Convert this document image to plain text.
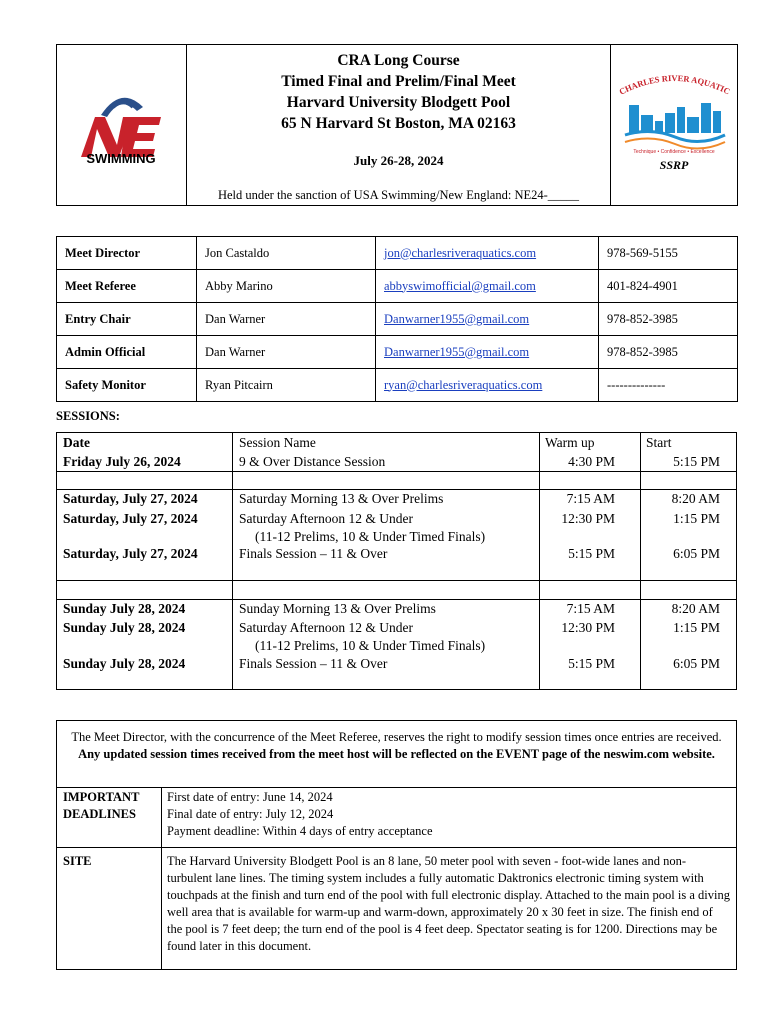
SWIMMING
CRA Long Course
Timed Final and Prelim/Final Meet
Harvard University Blodgett Pool
65 N Harvard St Boston, MA 02163
July 26-28, 2024
Held under the sanction of USA Swimming/New England: NE24-_____
CHARLES RIVER AQUATIC
Technique • Confidence • Excellence
SSRP
Meet Director	Jon Castaldo	jon@charlesriveraquatics.com	978-569-5155
Meet Referee	Abby Marino	abbyswimofficial@gmail.com	401-824-4901
Entry Chair	Dan Warner	Danwarner1955@gmail.com	978-852-3985
Admin Official	Dan Warner	Danwarner1955@gmail.com	978-852-3985
Safety Monitor	Ryan Pitcairn	ryan@charlesriveraquatics.com	--------------
SESSIONS:
Date	Session Name	Warm up	Start
Friday July 26, 2024	9 & Over Distance Session	4:30 PM	5:15 PM
Saturday, July 27, 2024	Saturday Morning 13 & Over Prelims	7:15 AM	8:20 AM
Saturday, July 27, 2024	Saturday Afternoon 12 & Under	12:30 PM	1:15 PM
(11-12 Prelims, 10 & Under Timed Finals)
Saturday, July 27, 2024	Finals Session – 11 & Over	5:15 PM	6:05 PM
Sunday July 28, 2024	Sunday Morning 13 & Over Prelims	7:15 AM	8:20 AM
Sunday July 28, 2024	Saturday Afternoon 12 & Under	12:30 PM	1:15 PM
(11-12 Prelims, 10 & Under Timed Finals)
Sunday July 28, 2024	Finals Session – 11 & Over	5:15 PM	6:05 PM
The Meet Director, with the concurrence of the Meet Referee, reserves the right to modify session times once entries are received. Any updated session times received from the meet host will be reflected on the EVENT page of the neswim.com website.
IMPORTANT DEADLINES
First date of entry: June 14, 2024
Final date of entry: July 12, 2024
Payment deadline: Within 4 days of entry acceptance
SITE	The Harvard University Blodgett Pool is an 8 lane, 50 meter pool with seven - foot-wide lanes and non-turbulent lane lines. The timing system includes a fully automatic Daktronics electronic timing system with touchpads at the finish and turn end of the pool with full electronic display. Attached to the main pool is a diving well area that is available for warm-up and warm-down, approximately 20 x 30 feet in size. The finish end of the pool is 7 feet deep; the turn end of the pool is 4 feet deep. Spectator seating is for 1200. Directions may be found later in this document.
